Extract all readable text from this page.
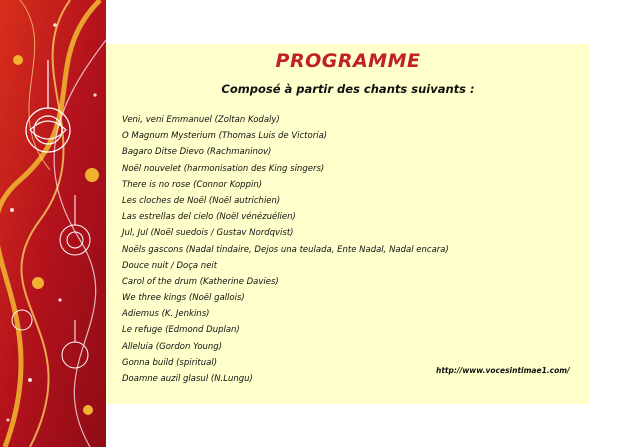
PROGRAMME

Composé à partir des chants suivants :

Veni, veni Emmanuel (Zoltan Kodaly)
O Magnum Mysterium (Thomas Luis de Victoria)
Bagaro Ditse Dievo (Rachmaninov)
Noël nouvelet (harmonisation des King singers)
There is no rose (Connor Koppin)
Les cloches de Noël (Noël autrichien)
Las estrellas del cielo (Noël vénézuélien)
Jul, Jul (Noël suedois / Gustav Nordqvist)
Noëls gascons (Nadal tindaire, Dejos una teulada, Ente Nadal, Nadal encara)
Douce nuit / Doça neit
Carol of the drum (Katherine Davies)
We three kings (Noël gallois)
Adiemus (K. Jenkins)
Le refuge (Edmond Duplan)
Alleluia (Gordon Young)
Gonna build (spiritual)
Doamne auzil glasul (N.Lungu)
http://www.vocesintimae1.com/
